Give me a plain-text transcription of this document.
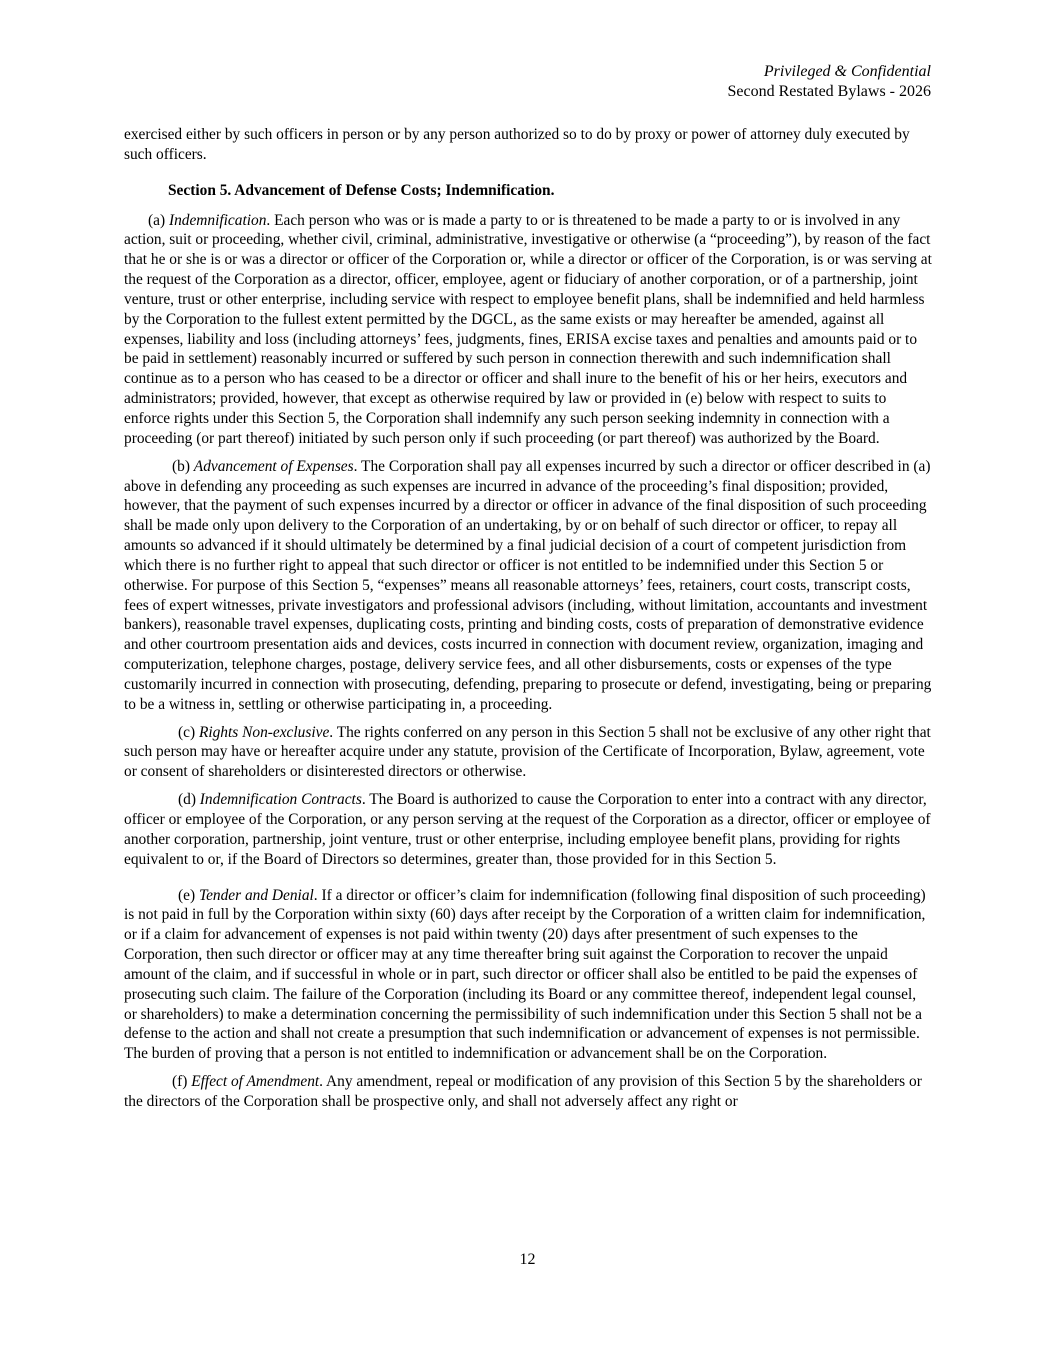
Privileged & Confidential
Second Restated Bylaws - 2026

exercised either by such officers in person or by any person authorized so to do by proxy or power of attorney duly executed by such officers.

Section 5. Advancement of Defense Costs; Indemnification.

(a) Indemnification. Each person who was or is made a party to or is threatened to be made a party to or is involved in any action, suit or proceeding, whether civil, criminal, administrative, investigative or otherwise (a “proceeding”), by reason of the fact that he or she is or was a director or officer of the Corporation or, while a director or officer of the Corporation, is or was serving at the request of the Corporation as a director, officer, employee, agent or fiduciary of another corporation, or of a partnership, joint venture, trust or other enterprise, including service with respect to employee benefit plans, shall be indemnified and held harmless by the Corporation to the fullest extent permitted by the DGCL, as the same exists or may hereafter be amended, against all expenses, liability and loss (including attorneys’ fees, judgments, fines, ERISA excise taxes and penalties and amounts paid or to be paid in settlement) reasonably incurred or suffered by such person in connection therewith and such indemnification shall continue as to a person who has ceased to be a director or officer and shall inure to the benefit of his or her heirs, executors and administrators; provided, however, that except as otherwise required by law or provided in (e) below with respect to suits to enforce rights under this Section 5, the Corporation shall indemnify any such person seeking indemnity in connection with a proceeding (or part thereof) initiated by such person only if such proceeding (or part thereof) was authorized by the Board.

(b) Advancement of Expenses. The Corporation shall pay all expenses incurred by such a director or officer described in (a) above in defending any proceeding as such expenses are incurred in advance of the proceeding’s final disposition; provided, however, that the payment of such expenses incurred by a director or officer in advance of the final disposition of such proceeding shall be made only upon delivery to the Corporation of an undertaking, by or on behalf of such director or officer, to repay all amounts so advanced if it should ultimately be determined by a final judicial decision of a court of competent jurisdiction from which there is no further right to appeal that such director or officer is not entitled to be indemnified under this Section 5 or otherwise. For purpose of this Section 5, “expenses” means all reasonable attorneys’ fees, retainers, court costs, transcript costs, fees of expert witnesses, private investigators and professional advisors (including, without limitation, accountants and investment bankers), reasonable travel expenses, duplicating costs, printing and binding costs, costs of preparation of demonstrative evidence and other courtroom presentation aids and devices, costs incurred in connection with document review, organization, imaging and computerization, telephone charges, postage, delivery service fees, and all other disbursements, costs or expenses of the type customarily incurred in connection with prosecuting, defending, preparing to prosecute or defend, investigating, being or preparing to be a witness in, settling or otherwise participating in, a proceeding.

(c) Rights Non-exclusive. The rights conferred on any person in this Section 5 shall not be exclusive of any other right that such person may have or hereafter acquire under any statute, provision of the Certificate of Incorporation, Bylaw, agreement, vote or consent of shareholders or disinterested directors or otherwise.

(d) Indemnification Contracts. The Board is authorized to cause the Corporation to enter into a contract with any director, officer or employee of the Corporation, or any person serving at the request of the Corporation as a director, officer or employee of another corporation, partnership, joint venture, trust or other enterprise, including employee benefit plans, providing for rights equivalent to or, if the Board of Directors so determines, greater than, those provided for in this Section 5.

(e) Tender and Denial. If a director or officer’s claim for indemnification (following final disposition of such proceeding) is not paid in full by the Corporation within sixty (60) days after receipt by the Corporation of a written claim for indemnification, or if a claim for advancement of expenses is not paid within twenty (20) days after presentment of such expenses to the Corporation, then such director or officer may at any time thereafter bring suit against the Corporation to recover the unpaid amount of the claim, and if successful in whole or in part, such director or officer shall also be entitled to be paid the expenses of prosecuting such claim. The failure of the Corporation (including its Board or any committee thereof, independent legal counsel, or shareholders) to make a determination concerning the permissibility of such indemnification under this Section 5 shall not be a defense to the action and shall not create a presumption that such indemnification or advancement of expenses is not permissible. The burden of proving that a person is not entitled to indemnification or advancement shall be on the Corporation.

(f) Effect of Amendment. Any amendment, repeal or modification of any provision of this Section 5 by the shareholders or the directors of the Corporation shall be prospective only, and shall not adversely affect any right or

12
